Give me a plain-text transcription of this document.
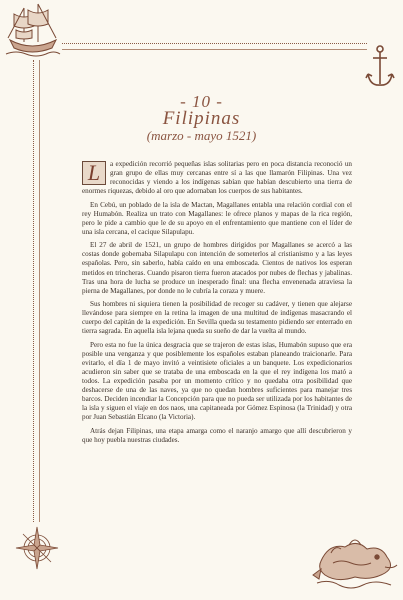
- 10 -
Filipinas
(marzo - mayo 1521)

L	a expedición recorrió pequeñas islas solitarias pero en poca distancia reconoció un gran grupo de ellas muy cercanas entre sí a las que llamarón Filipinas. Una vez reconocidas y viendo a los indígenas sabían que habían descubierto una tierra de enormes riquezas, debido al oro que adornaban los cuerpos de sus habitantes.

En Cebú, un poblado de la isla de Mactan, Magallanes entabla una relación cordial con el rey Humabón. Realiza un trato con Magallanes: le ofrece planos y mapas de la rica región, pero le pide a cambio que le de su apoyo en el enfrentamiento que mantiene con el líder de una isla cercana, el cacique Silapulapu.

El 27 de abril de 1521, un grupo de hombres dirigidos por Magallanes se acercó a las costas donde gobernaba Silapulapu con intención de someterlos al cristianismo y a las leyes españolas. Pero, sin saberlo, había caído en una emboscada. Cientos de nativos los esperan metidos en trincheras. Cuando pisaron tierra fueron atacados por nubes de flechas y jabalinas. Tras una hora de lucha se produce un inesperado final: una flecha envenenada atraviesa la pierna de Magallanes, por donde no le cubría la coraza y muere.

Sus hombres ni siquiera tienen la posibilidad de recoger su cadáver, y tienen que alejarse llevándose para siempre en la retina la imagen de una multitud de indígenas masacrando el cuerpo del capitán de la expedición. En Sevilla queda su testamento pidiendo ser enterrado en tierra sagrada. En aquella isla lejana queda su sueño de dar la vuelta al mundo.

Pero esta no fue la única desgracia que se trajeron de estas islas, Humabón supuso que era posible una venganza y que posiblemente los españoles estaban planeando traicionarle. Para evitarlo, el día 1 de mayo invitó a veintisiete oficiales a un banquete. Los expedicionarios acudieron sin saber que se trataba de una emboscada en la que el rey indígena los mató a todos. La expedición pasaba por un momento crítico y no quedaba otra posibilidad que deshacerse de una de las naves, ya que no quedan hombres suficientes para manejar tres barcos. Deciden incendiar la Concepción para que no pueda ser utilizada por los habitantes de la isla y siguen el viaje en dos naos, una capitaneada por Gómez Espinosa (la Trinidad) y otra por Juan Sebastián Elcano (la Victoria).

Atrás dejan Filipinas, una etapa amarga como el naranjo amargo que allí descubrieron y que hoy puebla nuestras ciudades.
